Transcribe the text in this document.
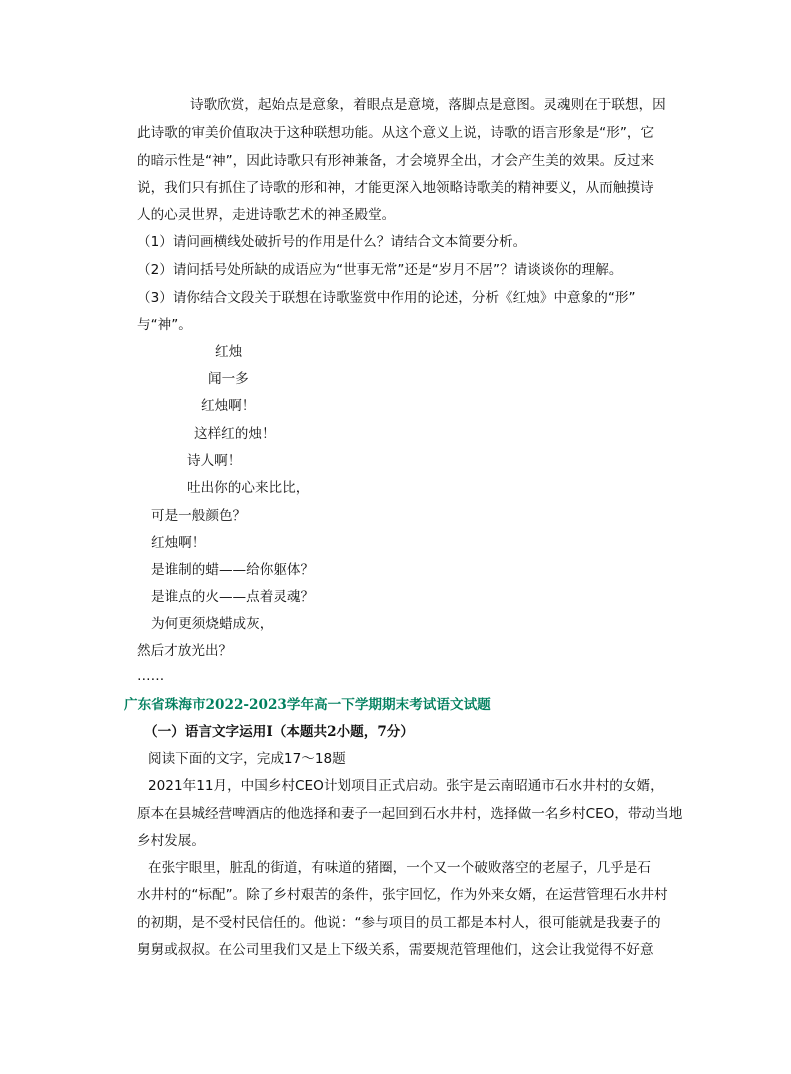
诗歌欣赏，起始点是意象，着眼点是意境，落脚点是意图。灵魂则在于联想，因
此诗歌的审美价值取决于这种联想功能。从这个意义上说，诗歌的语言形象是“形”，它
的暗示性是“神”，因此诗歌只有形神兼备，才会境界全出，才会产生美的效果。反过来
说，我们只有抓住了诗歌的形和神，才能更深入地领略诗歌美的精神要义，从而触摸诗
人的心灵世界，走进诗歌艺术的神圣殿堂。
（1）请问画横线处破折号的作用是什么？请结合文本简要分析。
（2）请问括号处所缺的成语应为“世事无常”还是“岁月不居”？请谈谈你的理解。
（3）请你结合文段关于联想在诗歌鉴赏中作用的论述，分析《红烛》中意象的“形”
与“神”。
红烛
闻一多
红烛啊！
这样红的烛！
诗人啊！
吐出你的心来比比，
可是一般颜色？
红烛啊！
是谁制的蜡——给你躯体？
是谁点的火——点着灵魂？
为何更须烧蜡成灰，
然后才放光出？
……
广东省珠海市2022-2023学年高一下学期期末考试语文试题
（一）语言文字运用Ⅰ（本题共2小题，7分）
阅读下面的文字，完成17～18题
2021年11月，中国乡村CEO计划项目正式启动。张宇是云南昭通市石水井村的女婿，
原本在县城经营啤酒店的他选择和妻子一起回到石水井村，选择做一名乡村CEO，带动当地
乡村发展。
在张宇眼里，脏乱的街道，有味道的猪圈，一个又一个破败落空的老屋子，几乎是石
水井村的“标配”。除了乡村艰苦的条件，张宇回忆，作为外来女婿，在运营管理石水井村
的初期，是不受村民信任的。他说：“参与项目的员工都是本村人，很可能就是我妻子的
舅舅或叔叔。在公司里我们又是上下级关系，需要规范管理他们，这会让我觉得不好意
